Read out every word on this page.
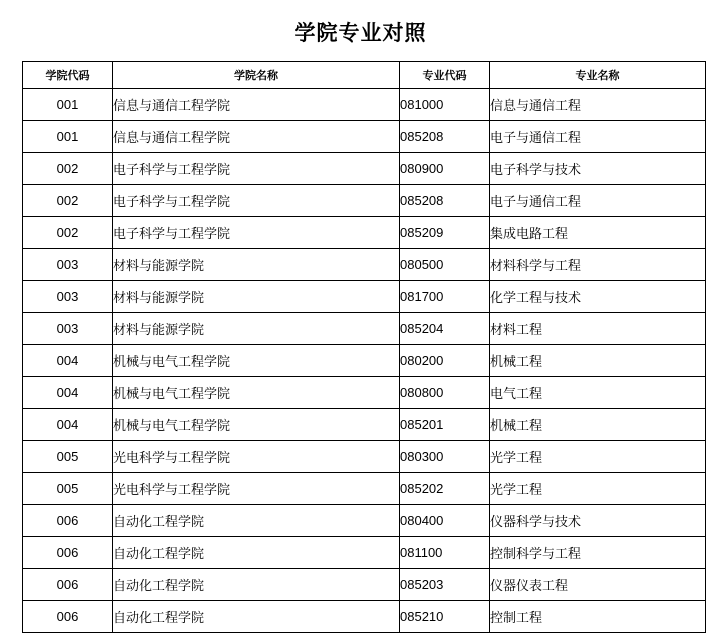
学院专业对照
学院代码	学院名称	专业代码	专业名称
001	信息与通信工程学院	081000	信息与通信工程
001	信息与通信工程学院	085208	电子与通信工程
002	电子科学与工程学院	080900	电子科学与技术
002	电子科学与工程学院	085208	电子与通信工程
002	电子科学与工程学院	085209	集成电路工程
003	材料与能源学院	080500	材料科学与工程
003	材料与能源学院	081700	化学工程与技术
003	材料与能源学院	085204	材料工程
004	机械与电气工程学院	080200	机械工程
004	机械与电气工程学院	080800	电气工程
004	机械与电气工程学院	085201	机械工程
005	光电科学与工程学院	080300	光学工程
005	光电科学与工程学院	085202	光学工程
006	自动化工程学院	080400	仪器科学与技术
006	自动化工程学院	081100	控制科学与工程
006	自动化工程学院	085203	仪器仪表工程
006	自动化工程学院	085210	控制工程
